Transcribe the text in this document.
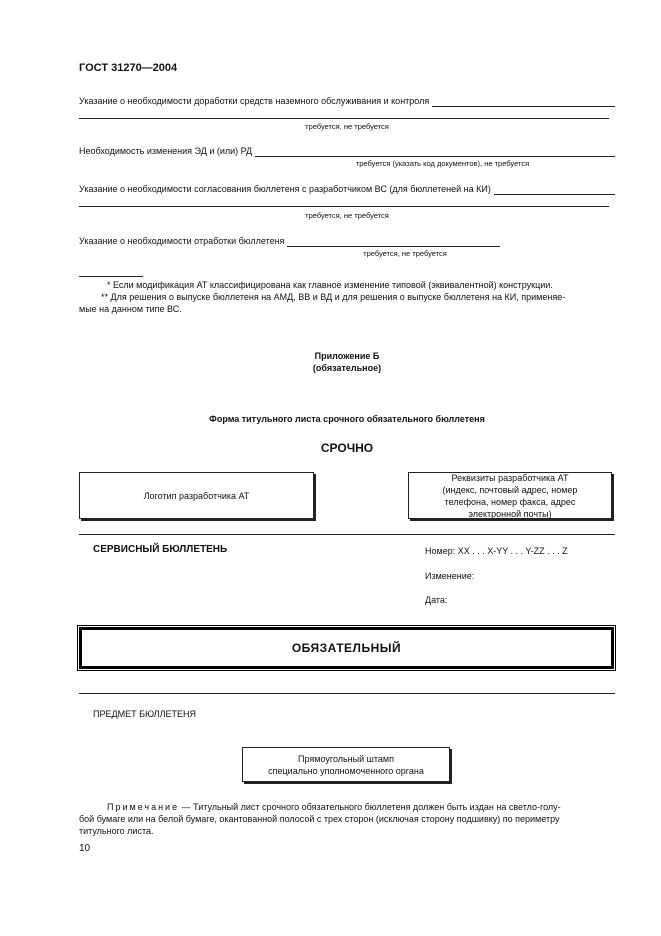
ГОСТ 31270—2004
Указание о необходимости доработки средств наземного обслуживания и контроля
требуется, не требуется
Необходимость изменения ЭД и (или) РД
требуется (указать код документов), не требуется
Указание о необходимости согласования бюллетеня с разработчиком ВС (для бюллетеней на КИ)
требуется, не требуется
Указание о необходимости отработки бюллетеня
требуется, не требуется
* Если модификация АТ классифицирована как главное изменение типовой (эквивалентной) конструкции.
** Для решения о выпуске бюллетеня на АМД, ВВ и ВД и для решения о выпуске бюллетеня на КИ, применяе-
мые на данном типе ВС.
Приложение Б
(обязательное)
Форма титульного листа срочного обязательного бюллетеня
СРОЧНО
Логотип разработчика АТ
Реквизиты разработчика АТ
(индекс, почтовый адрес, номер
телефона, номер факса, адрес
электронной почты)
СЕРВИСНЫЙ БЮЛЛЕТЕНЬ	Номер: XX . . . X-YY . . . Y-ZZ . . . Z
Изменение:
Дата:
ОБЯЗАТЕЛЬНЫЙ
ПРЕДМЕТ БЮЛЛЕТЕНЯ
Прямоугольный штамп
специально уполномоченного органа
Примечание — Титульный лист срочного обязательного бюллетеня должен быть издан на светло-голу-
бой бумаге или на белой бумаге, окантованной полосой с трех сторон (исключая сторону подшивку) по периметру
титульного листа.
10
